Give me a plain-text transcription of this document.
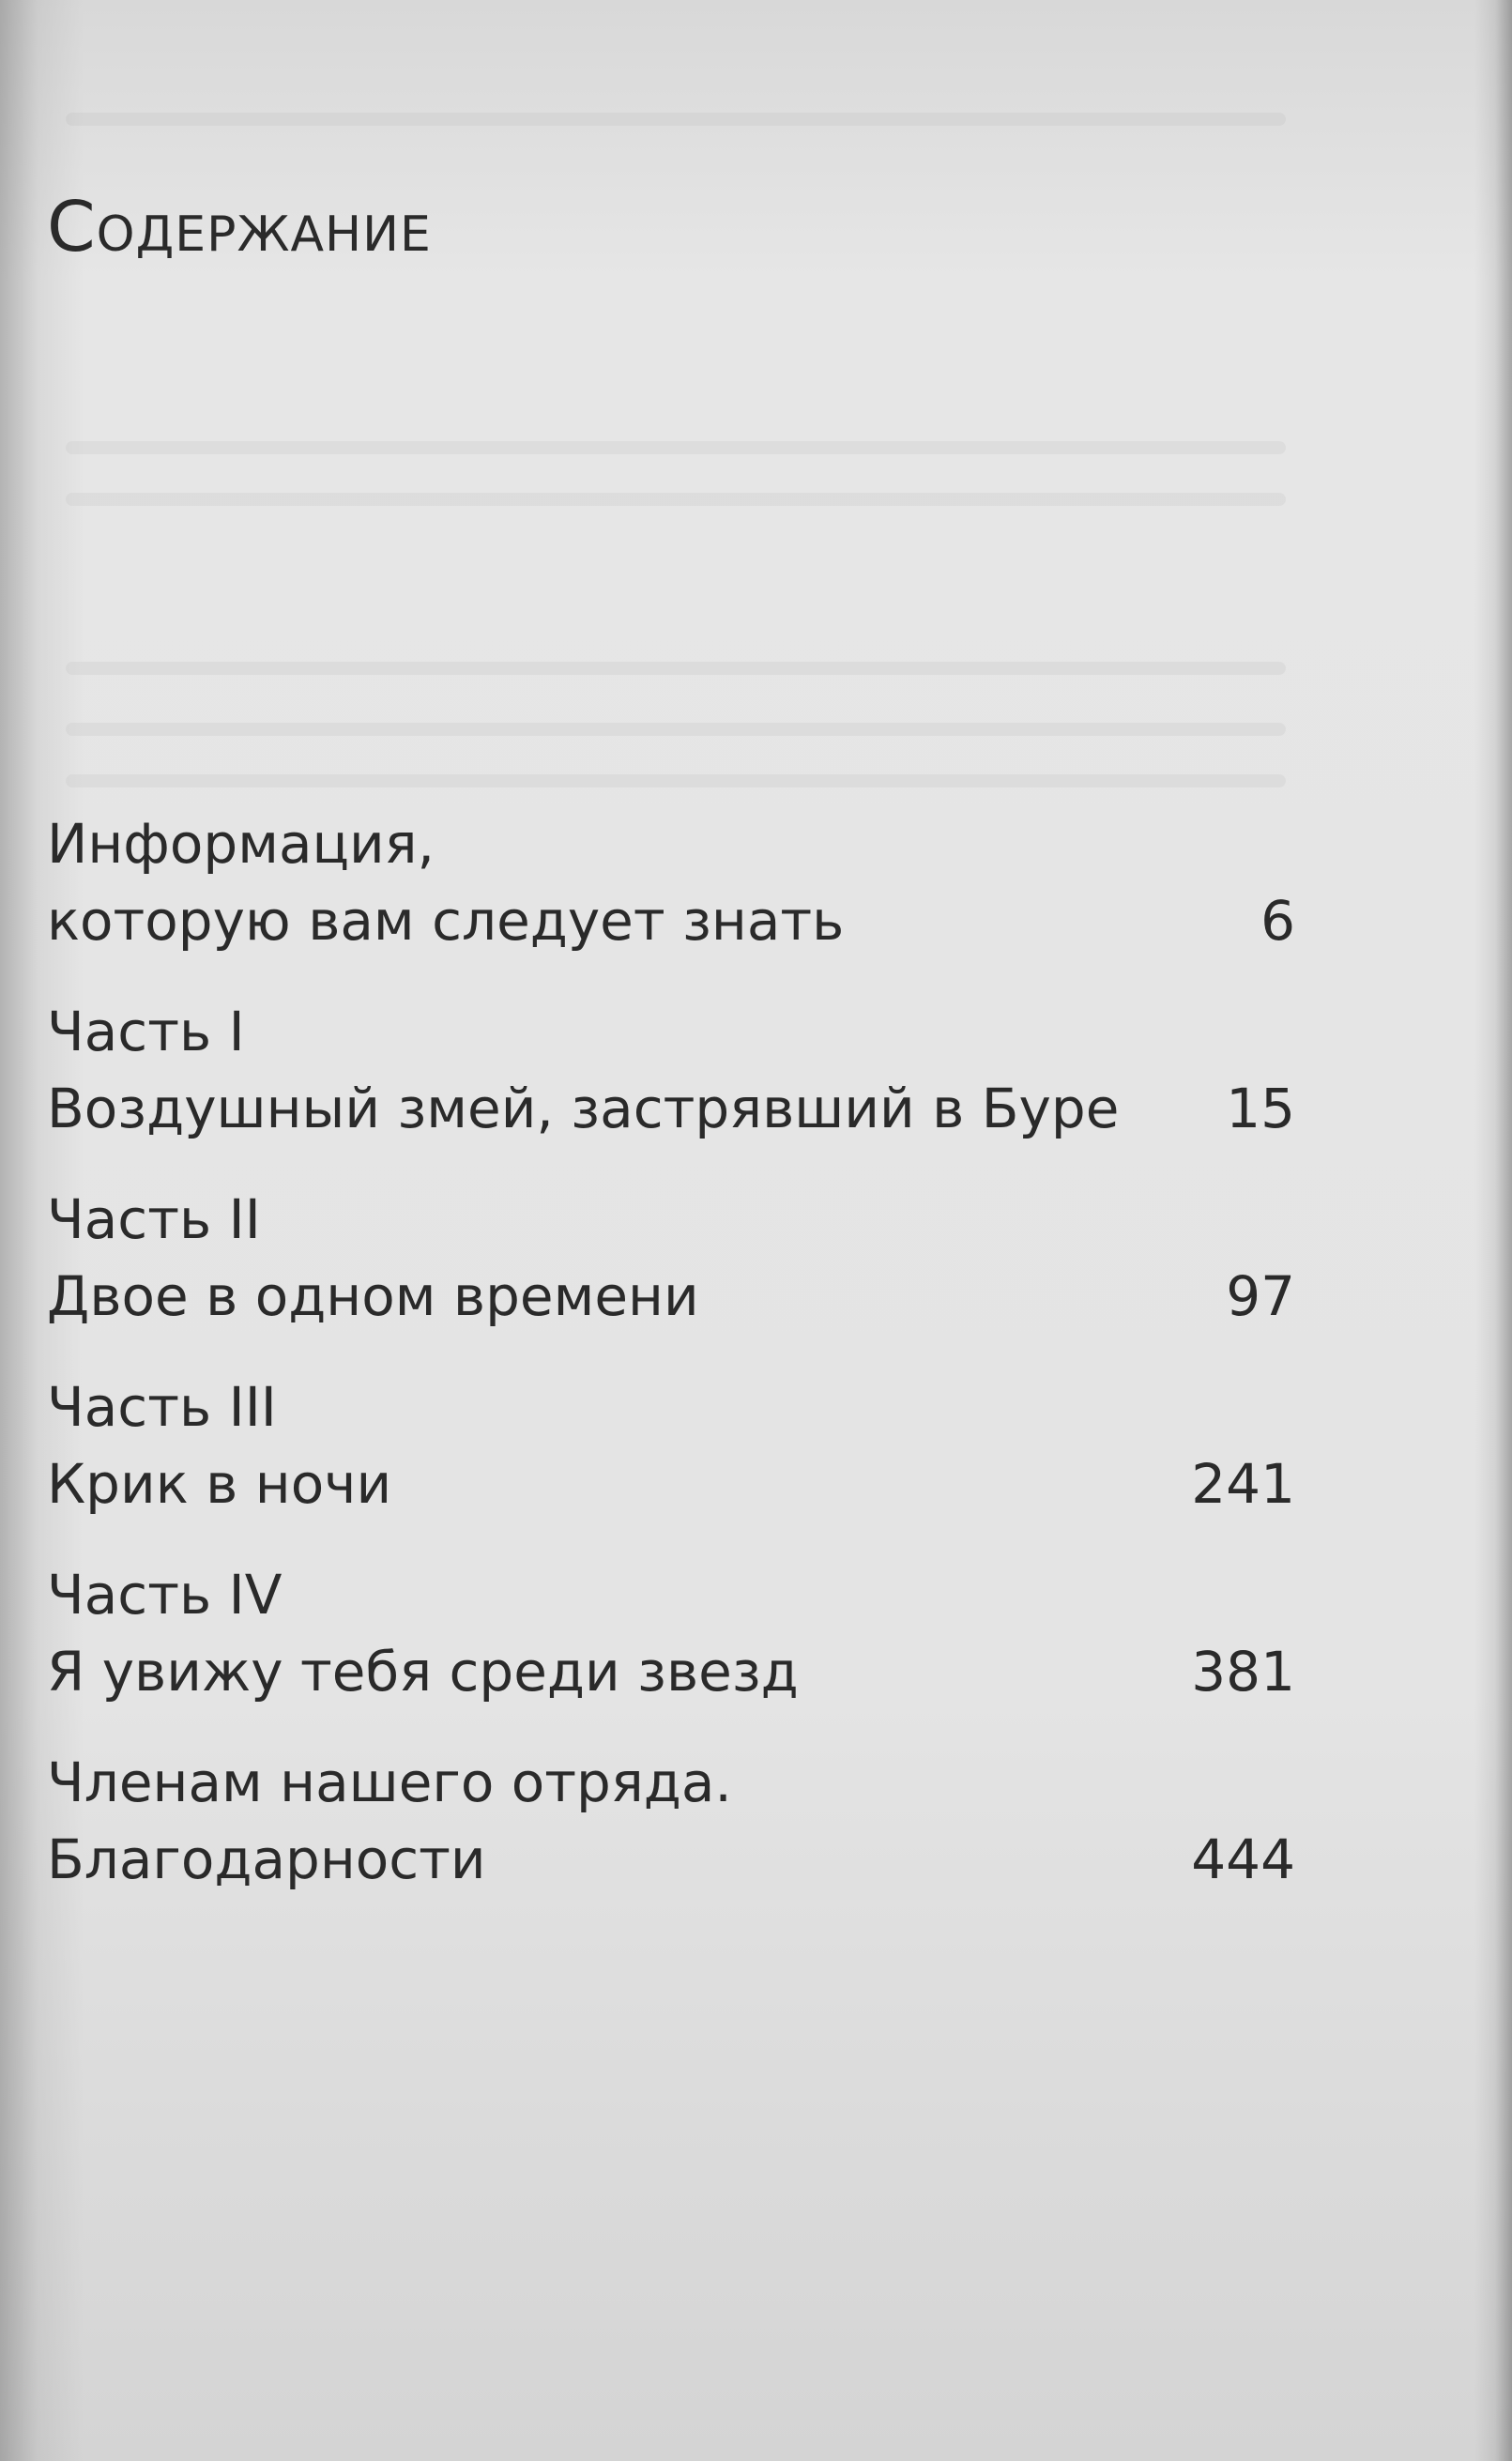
Содержание
Информация,
которую вам следует знать	6
Часть I
Воздушный змей, застрявший в Буре	15
Часть II
Двое в одном времени	97
Часть III
Крик в ночи	241
Часть IV
Я увижу тебя среди звезд	381
Членам нашего отряда.
Благодарности	444
